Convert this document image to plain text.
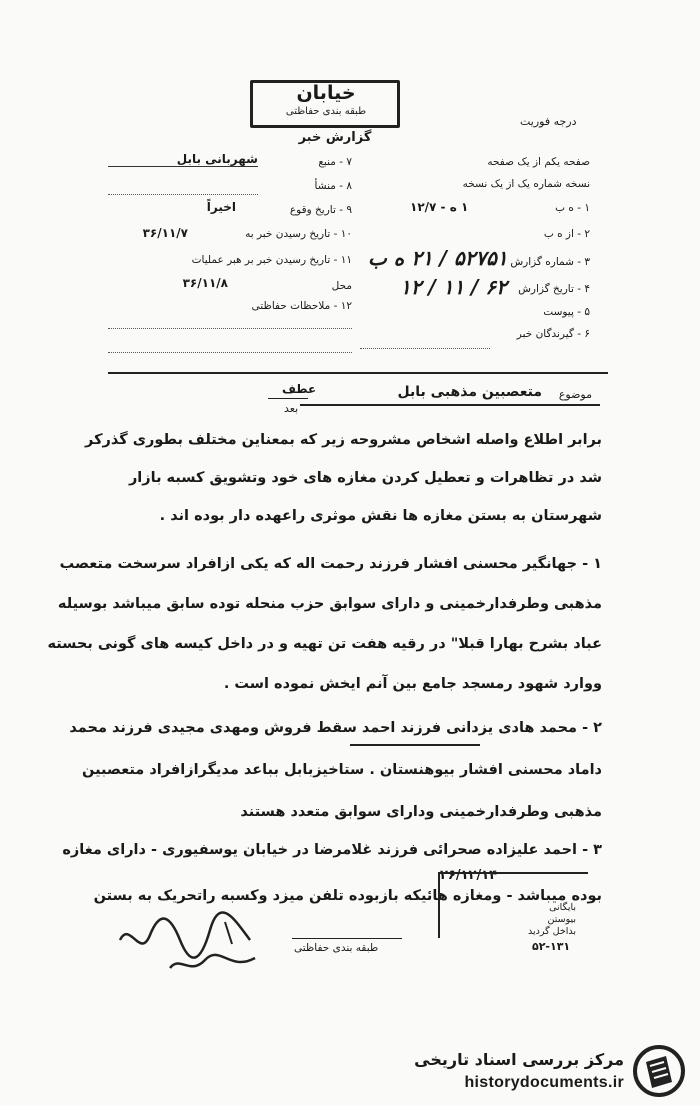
خیابان
طبقه بندی حفاظتی
گزارش خبر
درجه فوریت
صفحه یکم از یک صفحه
نسخه شماره یک از یک نسخه
۱ - ه ب
۱ ه - ۱۲/۷
۲ - از ه ب
۳ - شماره گزارش
۵۲۷۵۱ / ۲۱ ه ب
۴ - تاریخ گزارش
۱۲ / ۱۱ / ۶۲
۵ - پیوست
۶ - گیرندگان خبر
۷ - منبع
شهربانی بابل
۸ - منشأ
۹ - تاریخ وقوع
اخیراً
۱۰ - تاریخ رسیدن خبر به
۳۶/۱۱/۷
۱۱ - تاریخ رسیدن خبر بر هبر عملیات
محل
۳۶/۱۱/۸
۱۲ - ملاحظات حفاظتی
عطف
بعد
موضوع
متعصبین مذهبی بابل
برابر اطلاع واصله اشخاص مشروحه زیر که بمعناین مختلف بطوری گذرکر
شد در تظاهرات و تعطیل کردن مغازه های خود وتشویق کسبه بازار
شهرستان به بستن مغازه ها نقش موثری راعهده دار بوده اند .
۱ - جهانگیر محسنی افشار فرزند رحمت اله که یکی ازافراد سرسخت متعصب
مذهبی وطرفدارخمینی و دارای سوابق حزب منحله توده سابق میباشد بوسیله
عباد بشرح بهارا قبلا" در رقیه هفت تن تهیه و در داخل کیسه های گونی بحسته
ووارد شهود رمسجد جامع بین آنم ایخش نموده است .
۲ - محمد هادی یزدانی فرزند احمد سقط فروش ومهدی مجیدی فرزند محمد
داماد محسنی افشار بیوهنستان . ستاخیزبابل بباعد مدیگرازافراد متعصبین
مذهبی وطرفدارخمینی ودارای سوابق متعدد هستند
۳ - احمد علیزاده صحرائی فرزند غلامرضا در خیابان یوسفیوری - دارای مغازه
۲۶/۱۲/۱۴
بوده میباشد - ومغازه هائیکه بازبوده تلفن میزد وکسبه راتحریک به بستن
بایگانی
بیوستن
بداخل گردید
۵۲-۱۳۱
طبقه بندی حفاظتی
مرکز بررسی اسناد تاریخی
historydocuments.ir
